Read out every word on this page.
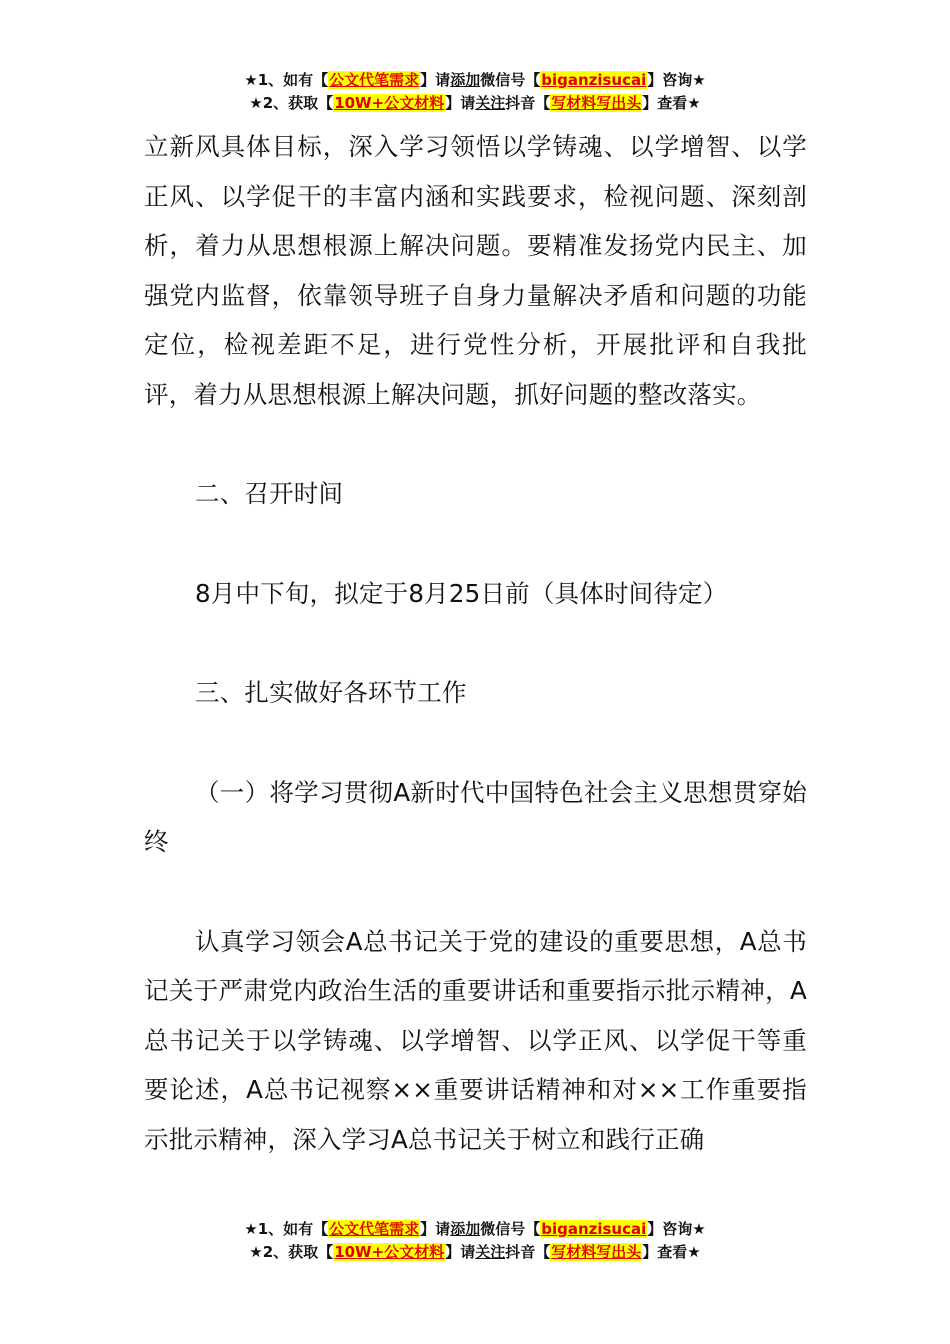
★1、如有【公文代笔需求】请添加微信号【biganzisucai】咨询★
★2、获取【10W+公文材料】请关注抖音【写材料写出头】查看★

立新风具体目标，深入学习领悟以学铸魂、以学增智、以学正风、以学促干的丰富内涵和实践要求，检视问题、深刻剖析，着力从思想根源上解决问题。要精准发扬党内民主、加强党内监督，依靠领导班子自身力量解决矛盾和问题的功能定位，检视差距不足，进行党性分析，开展批评和自我批评，着力从思想根源上解决问题，抓好问题的整改落实。

二、召开时间

8月中下旬，拟定于8月25日前（具体时间待定）

三、扎实做好各环节工作

（一）将学习贯彻A新时代中国特色社会主义思想贯穿始终

认真学习领会A总书记关于党的建设的重要思想，A总书记关于严肃党内政治生活的重要讲话和重要指示批示精神，A总书记关于以学铸魂、以学增智、以学正风、以学促干等重要论述，A总书记视察××重要讲话精神和对××工作重要指示批示精神，深入学习A总书记关于树立和践行正确

★1、如有【公文代笔需求】请添加微信号【biganzisucai】咨询★
★2、获取【10W+公文材料】请关注抖音【写材料写出头】查看★
